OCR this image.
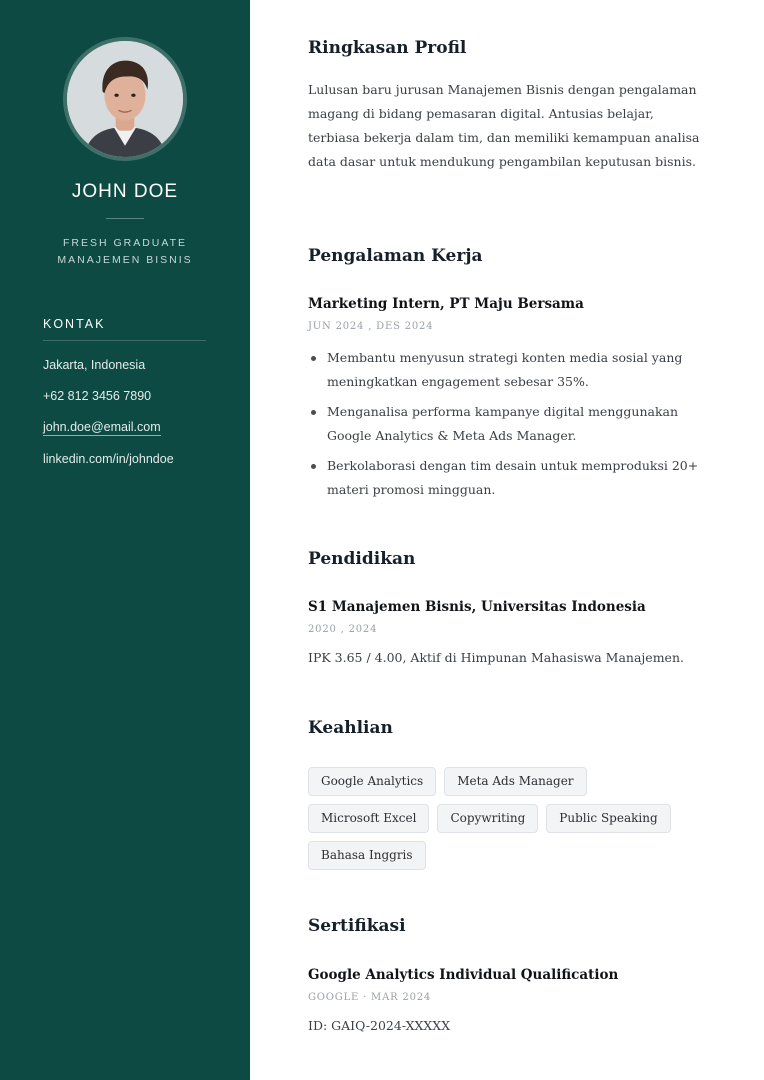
JOHN DOE
FRESH GRADUATE
MANAJEMEN BISNIS
KONTAK
Jakarta, Indonesia
+62 812 3456 7890
john.doe@email.com
linkedin.com/in/johndoe
Ringkasan Profil

Lulusan baru jurusan Manajemen Bisnis dengan pengalaman magang di bidang pemasaran digital. Antusias belajar, terbiasa bekerja dalam tim, dan memiliki kemampuan analisa data dasar untuk mendukung pengambilan keputusan bisnis.

Pengalaman Kerja
Marketing Intern, PT Maju Bersama
JUN 2024 , DES 2024
Membantu menyusun strategi konten media sosial yang meningkatkan engagement sebesar 35%.
Menganalisa performa kampanye digital menggunakan Google Analytics & Meta Ads Manager.
Berkolaborasi dengan tim desain untuk memproduksi 20+ materi promosi mingguan.
Pendidikan
S1 Manajemen Bisnis, Universitas Indonesia
2020 , 2024
IPK 3.65 / 4.00, Aktif di Himpunan Mahasiswa Manajemen.
Keahlian
Google Analytics	Meta Ads Manager
Microsoft Excel	Copywriting	Public Speaking
Bahasa Inggris
Sertifikasi
Google Analytics Individual Qualification
GOOGLE · MAR 2024
ID: GAIQ-2024-XXXXX
